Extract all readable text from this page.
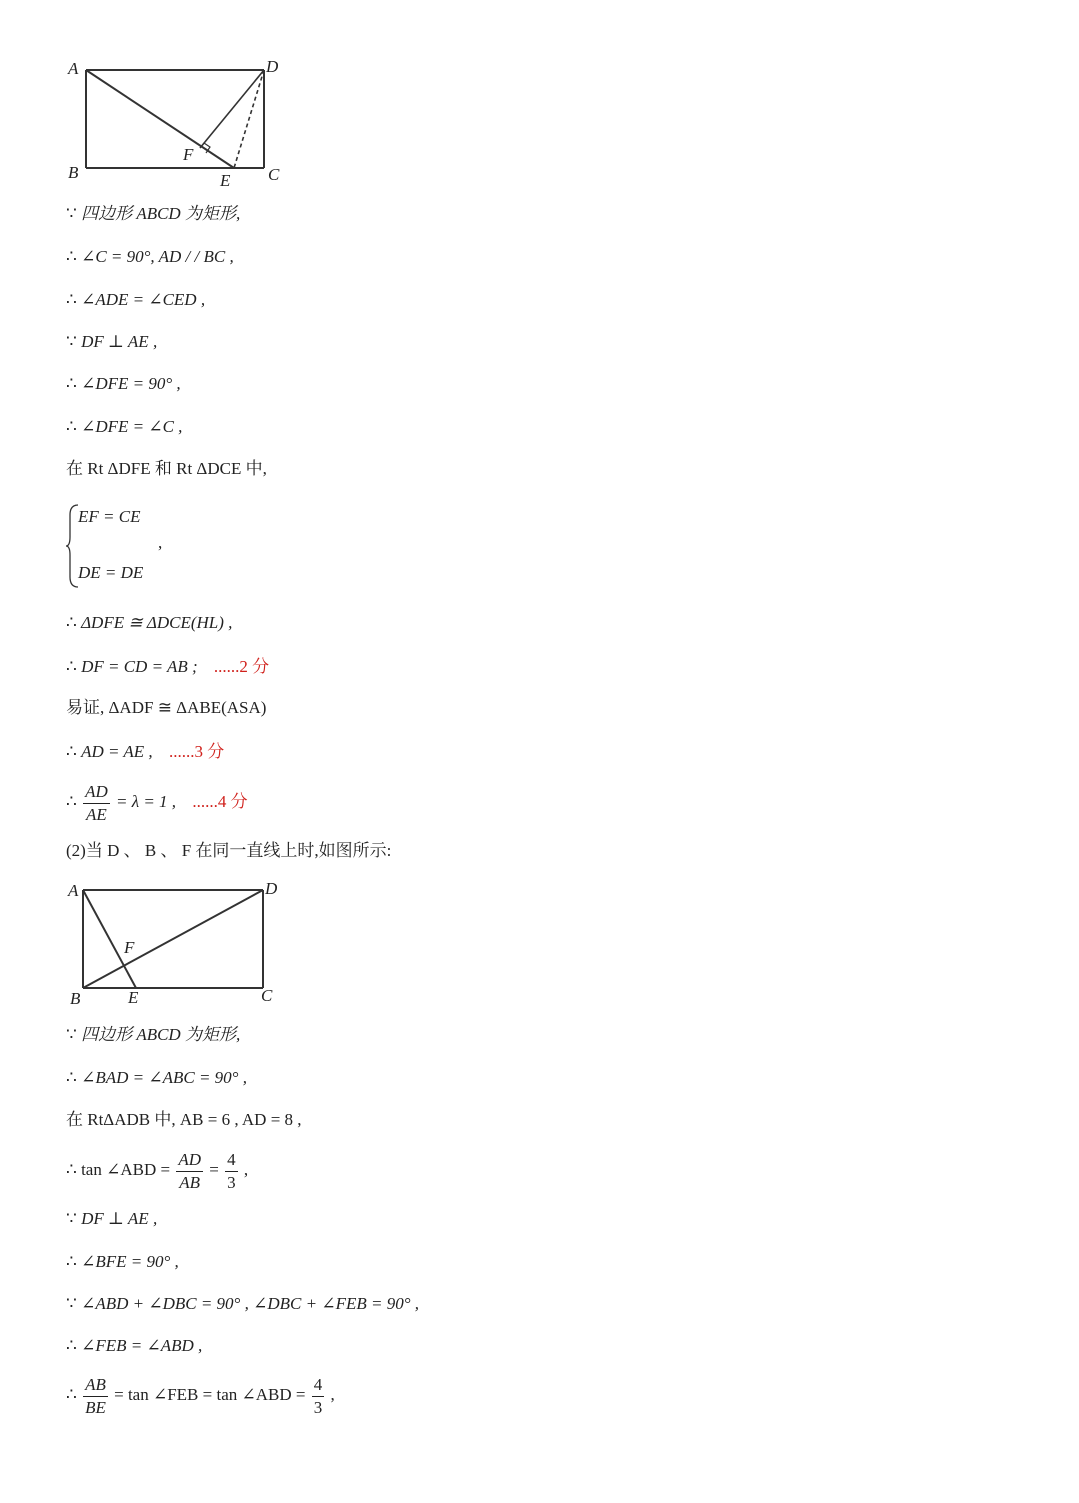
A	D
B	C
E
F
∵ 四边形 ABCD 为矩形,
∴ ∠C = 90°, AD / / BC ,
∴ ∠ADE = ∠CED ,
∵ DF ⊥ AE ,
∴ ∠DFE = 90° ,
∴ ∠DFE = ∠C ,
在 Rt ΔDFE 和 Rt ΔDCE 中,
EF = CE
DE = DE
,
∴ ΔDFE ≅ ΔDCE(HL) ,
∴ DF = CD = AB ; ......2 分
易证, ΔADF ≅ ΔABE(ASA)
∴ AD = AE , ......3 分
∴ $\frac{AD}{AE} = \lambda = 1$ , ......4 分
(2)当 D 、 B 、 F 在同一直线上时,如图所示:
A	D
B	C
E
F
∵ 四边形 ABCD 为矩形,
∴ ∠BAD = ∠ABC = 90° ,
在 RtΔADB 中, AB = 6 , AD = 8 ,
∴ tan ∠ABD = $\frac{AD}{AB} = \frac{4}{3}$ ,
∵ DF ⊥ AE ,
∴ ∠BFE = 90° ,
∵ ∠ABD + ∠DBC = 90° , ∠DBC + ∠FEB = 90° ,
∴ ∠FEB = ∠ABD ,
∴ $\frac{AB}{BE} = \tan$ ∠FEB = tan ∠ABD = $\frac{4}{3}$ ,
